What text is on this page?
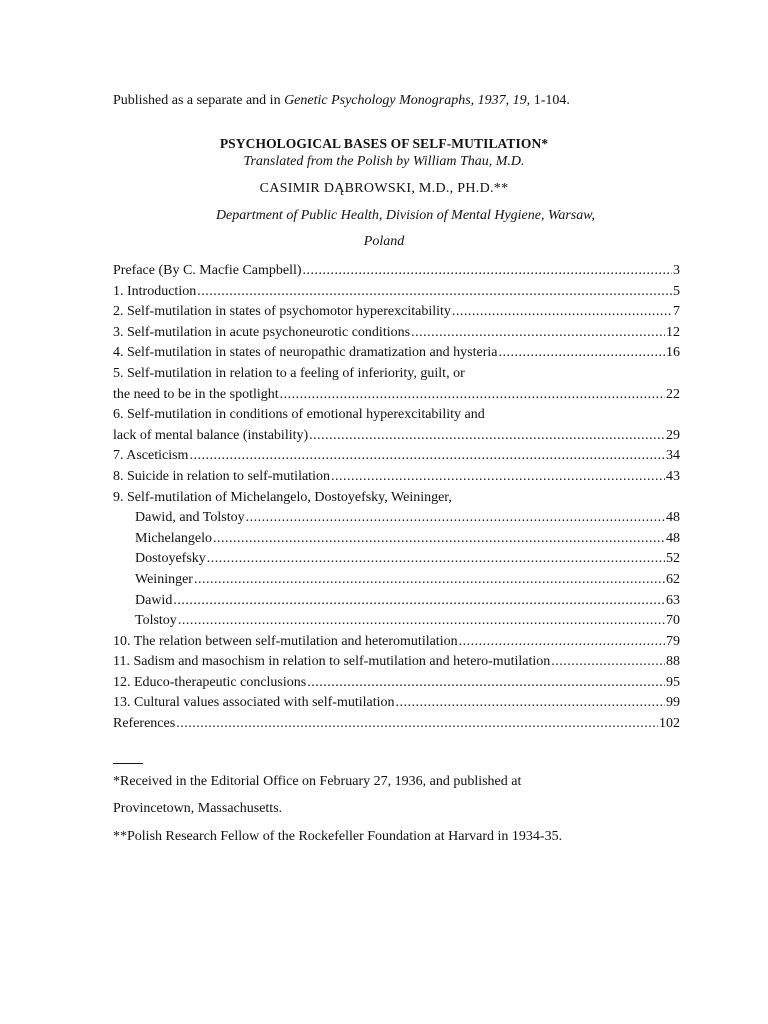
Published as a separate and in Genetic Psychology Monographs, 1937, 19, 1-104.
PSYCHOLOGICAL BASES OF SELF-MUTILATION*
Translated from the Polish by William Thau, M.D.
CASIMIR DĄBROWSKI, M.D., PH.D.**
Department of Public Health, Division of Mental Hygiene, Warsaw,
Poland
Preface (By C. Macfie Campbell) .....	3
1. Introduction .....	5
2. Self-mutilation in states of psychomotor hyperexcitability .....	7
3. Self-mutilation in acute psychoneurotic conditions .....	12
4. Self-mutilation in states of neuropathic dramatization and hysteria .....	16
5. Self-mutilation in relation to a feeling of inferiority, guilt, or
the need to be in the spotlight .....	22
6. Self-mutilation in conditions of emotional hyperexcitability and
lack of mental balance (instability) .....	29
7. Asceticism .....	34
8. Suicide in relation to self-mutilation .....	43
9. Self-mutilation of Michelangelo, Dostoyefsky, Weininger,
Dawid, and Tolstoy .....	48
Michelangelo .....	48
Dostoyefsky .....	52
Weininger .....	62
Dawid .....	63
Tolstoy .....	70
10. The relation between self-mutilation and heteromutilation .....	79
11. Sadism and masochism in relation to self-mutilation and hetero-mutilation .....	88
12. Educo-therapeutic conclusions .....	95
13. Cultural values associated with self-mutilation .....	99
References .....	102
*Received in the Editorial Office on February 27, 1936, and published at
Provincetown, Massachusetts.
**Polish Research Fellow of the Rockefeller Foundation at Harvard in 1934-35.
